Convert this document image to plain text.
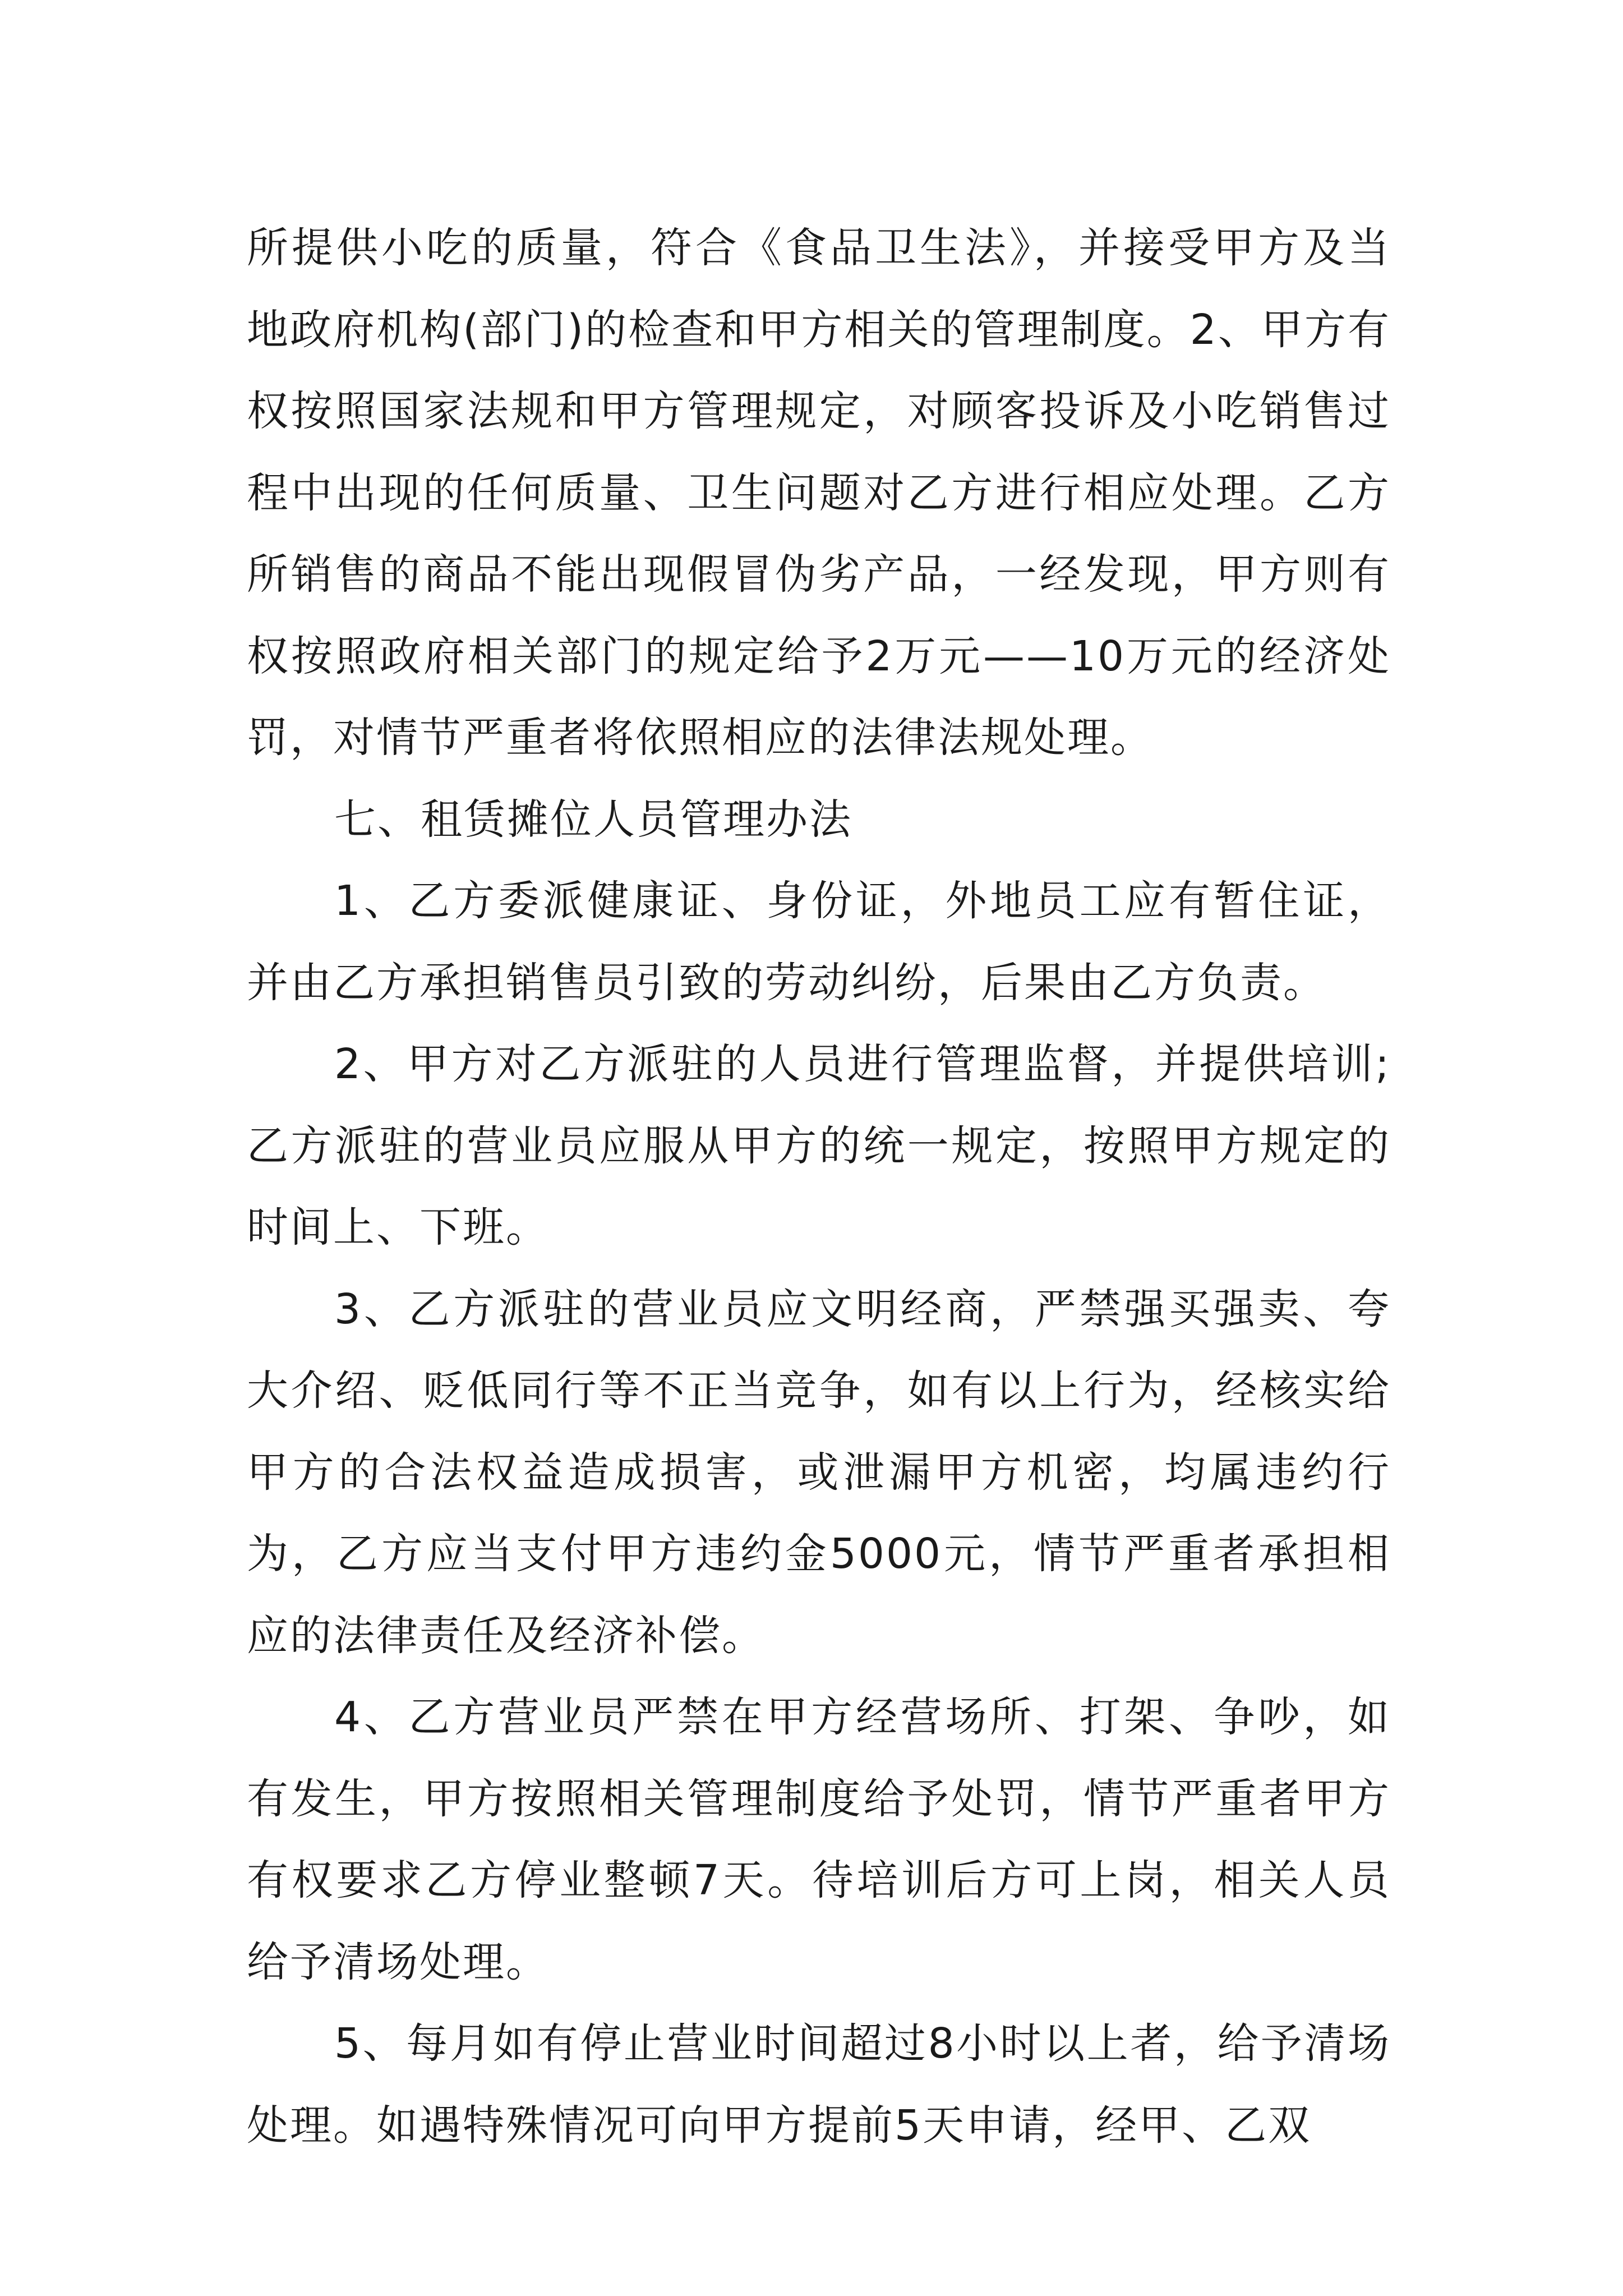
所提供小吃的质量，符合《食品卫生法》，并接受甲方及当地政府机构(部门)的检查和甲方相关的管理制度。2、甲方有权按照国家法规和甲方管理规定，对顾客投诉及小吃销售过程中出现的任何质量、卫生问题对乙方进行相应处理。乙方所销售的商品不能出现假冒伪劣产品，一经发现，甲方则有权按照政府相关部门的规定给予2万元——10万元的经济处罚，对情节严重者将依照相应的法律法规处理。

七、租赁摊位人员管理办法

1、乙方委派健康证、身份证，外地员工应有暂住证，并由乙方承担销售员引致的劳动纠纷，后果由乙方负责。

2、甲方对乙方派驻的人员进行管理监督，并提供培训;乙方派驻的营业员应服从甲方的统一规定，按照甲方规定的时间上、下班。

3、乙方派驻的营业员应文明经商，严禁强买强卖、夸大介绍、贬低同行等不正当竞争，如有以上行为，经核实给甲方的合法权益造成损害，或泄漏甲方机密，均属违约行为，乙方应当支付甲方违约金5000元，情节严重者承担相应的法律责任及经济补偿。

4、乙方营业员严禁在甲方经营场所、打架、争吵，如有发生，甲方按照相关管理制度给予处罚，情节严重者甲方有权要求乙方停业整顿7天。待培训后方可上岗，相关人员给予清场处理。

5、每月如有停止营业时间超过8小时以上者，给予清场处理。如遇特殊情况可向甲方提前5天申请，经甲、乙双
